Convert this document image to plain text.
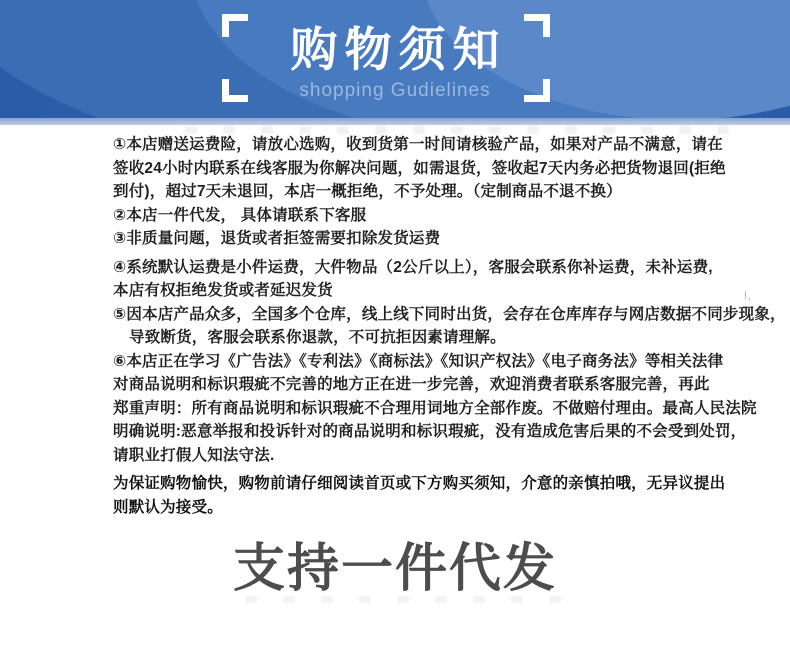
购物须知
shopping Gudielines
①本店赠送运费险，请放心选购，收到货第一时间请核验产品，如果对产品不满意，请在
签收24小时内联系在线客服为你解决问题，如需退货，签收起7天内务必把货物退回(拒绝
到付)，超过7天未退回，本店一概拒绝，不予处理。（定制商品不退不换）
②本店一件代发， 具体请联系下客服
③非质量问题，退货或者拒签需要扣除发货运费
④系统默认运费是小件运费，大件物品（2公斤以上），客服会联系你补运费，未补运费,
本店有权拒绝发货或者延迟发货
⑤因本店产品众多，全国多个仓库，线上线下同时出货，会存在仓库库存与网店数据不同步现象，
导致断货，客服会联系你退款，不可抗拒因素请理解。
⑥本店正在学习《广告法》《专利法》《商标法》《知识产权法》《电子商务法》等相关法律
对商品说明和标识瑕疵不完善的地方正在进一步完善，欢迎消费者联系客服完善，再此
郑重声明：所有商品说明和标识瑕疵不合理用词地方全部作废。不做赔付理由。最高人民法院
明确说明:恶意举报和投诉针对的商品说明和标识瑕疵，没有造成危害后果的不会受到处罚，
请职业打假人知法守法.
为保证购物愉快，购物前请仔细阅读首页或下方购买须知，介意的亲慎拍哦，无异议提出
则默认为接受。
!,
支持一件代发
